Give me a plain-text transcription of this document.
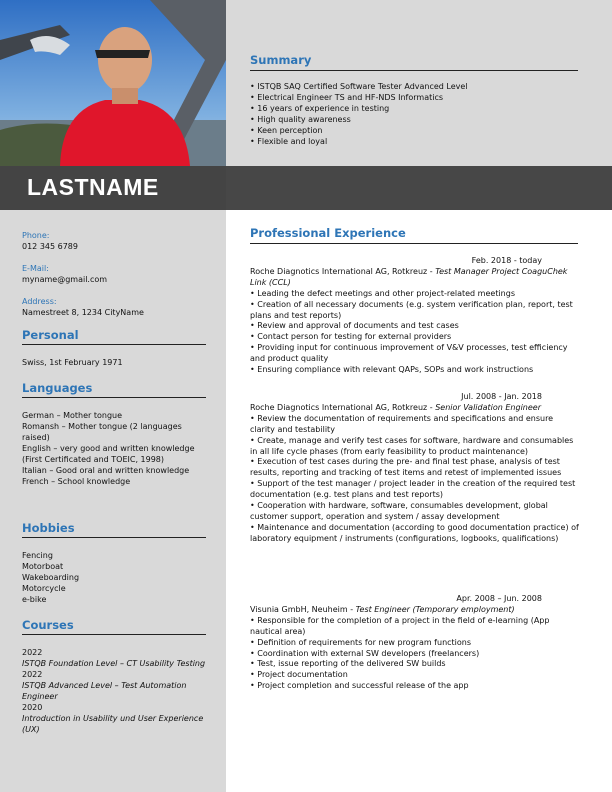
LASTNAME
Phone:
012 345 6789
E-Mail:
myname@gmail.com
Address:
Namestreet 8, 1234 CityName
Personal
Swiss, 1st February 1971
Languages
German – Mother tongue
Romansh – Mother tongue (2 languages raised)
English – very good and written knowledge (First Certificated and TOEIC, 1998)
Italian – Good oral and written knowledge
French – School knowledge
Hobbies
Fencing
Motorboat
Wakeboarding
Motorcycle
e-bike
Courses
2022
ISTQB Foundation Level – CT Usability Testing
2022
ISTQB Advanced Level – Test Automation Engineer
2020
Introduction in Usability und User Experience (UX)
Summary
• ISTQB SAQ Certified Software Tester Advanced Level
• Electrical Engineer TS and HF-NDS Informatics
• 16 years of experience in testing
• High quality awareness
• Keen perception
• Flexible and loyal
Professional Experience
Feb. 2018 - today
Roche Diagnotics International AG, Rotkreuz - Test Manager Project CoaguChek Link (CCL)
• Leading the defect meetings and other project-related meetings
• Creation of all necessary documents (e.g. system verification plan, report, test plans and test reports)
• Review and approval of documents and test cases
• Contact person for testing for external providers
• Providing input for continuous improvement of V&V processes, test efficiency and product quality
• Ensuring compliance with relevant QAPs, SOPs and work instructions
Jul. 2008 - Jan. 2018
Roche Diagnotics International AG, Rotkreuz - Senior Validation Engineer
• Review the documentation of requirements and specifications and ensure clarity and testability
• Create, manage and verify test cases for software, hardware and consumables in all life cycle phases (from early feasibility to product maintenance)
• Execution of test cases during the pre- and final test phase, analysis of test results, reporting and tracking of test items and retest of implemented issues
• Support of the test manager / project leader in the creation of the required test documentation (e.g. test plans and test reports)
• Cooperation with hardware, software, consumables development, global customer support, operation and system / assay development
• Maintenance and documentation (according to good documentation practice) of laboratory equipment / instruments (configurations, logbooks, qualifications)
Apr. 2008 – Jun. 2008
Visunia GmbH, Neuheim - Test Engineer (Temporary employment)
• Responsible for the completion of a project in the field of e-learning (App nautical area)
• Definition of requirements for new program functions
• Coordination with external SW developers (freelancers)
• Test, issue reporting of the delivered SW builds
• Project documentation
• Project completion and successful release of the app
